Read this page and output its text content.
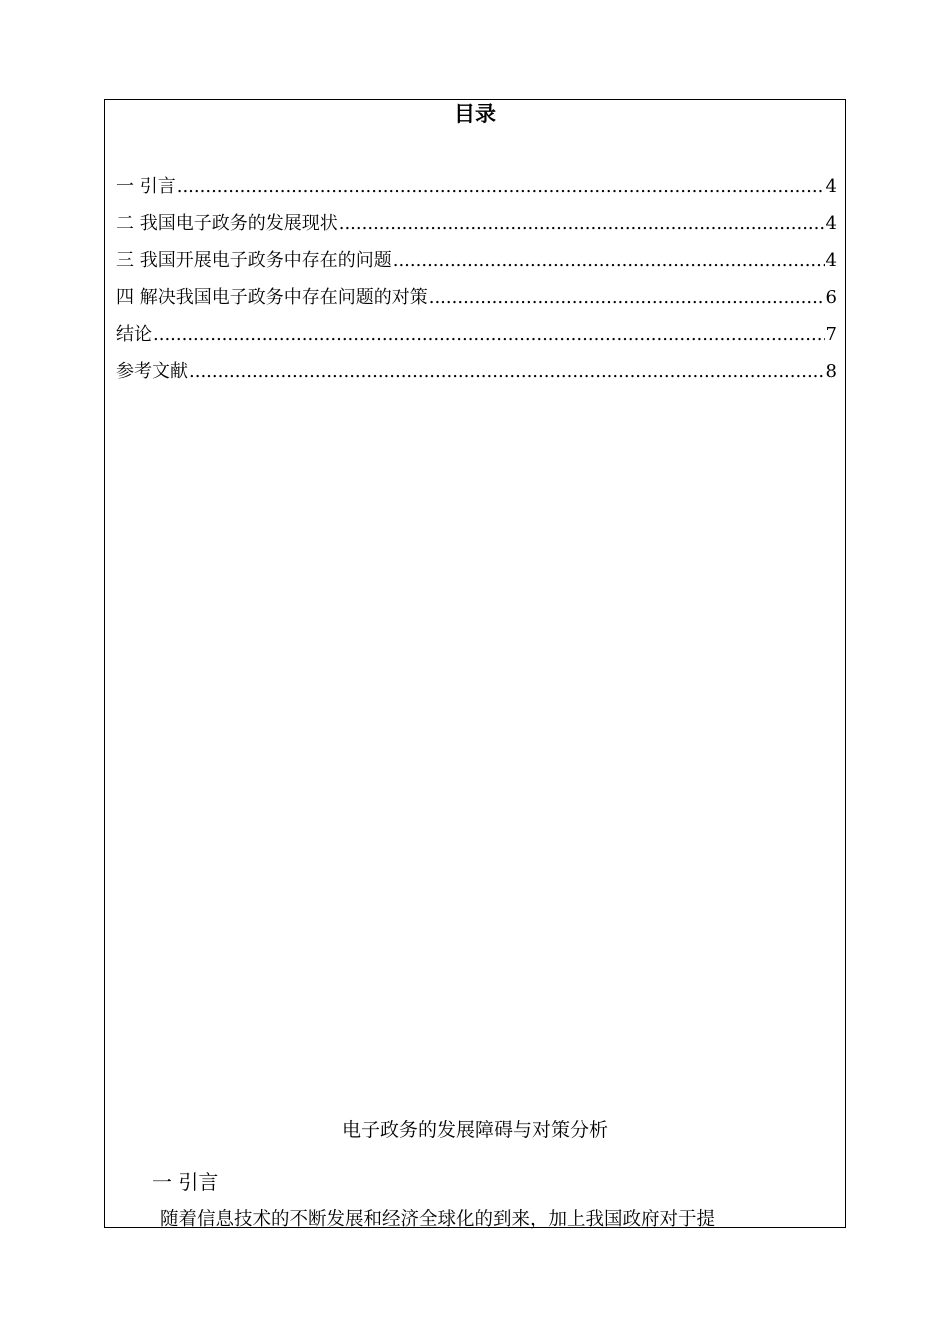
目录
一 引言 .....	4
二 我国电子政务的发展现状 .....	4
三 我国开展电子政务中存在的问题 .....	4
四 解决我国电子政务中存在问题的对策 .....	6
结论 .....	7
参考文献 .....	8
电子政务的发展障碍与对策分析
一 引言
随着信息技术的不断发展和经济全球化的到来，加上我国政府对于提
